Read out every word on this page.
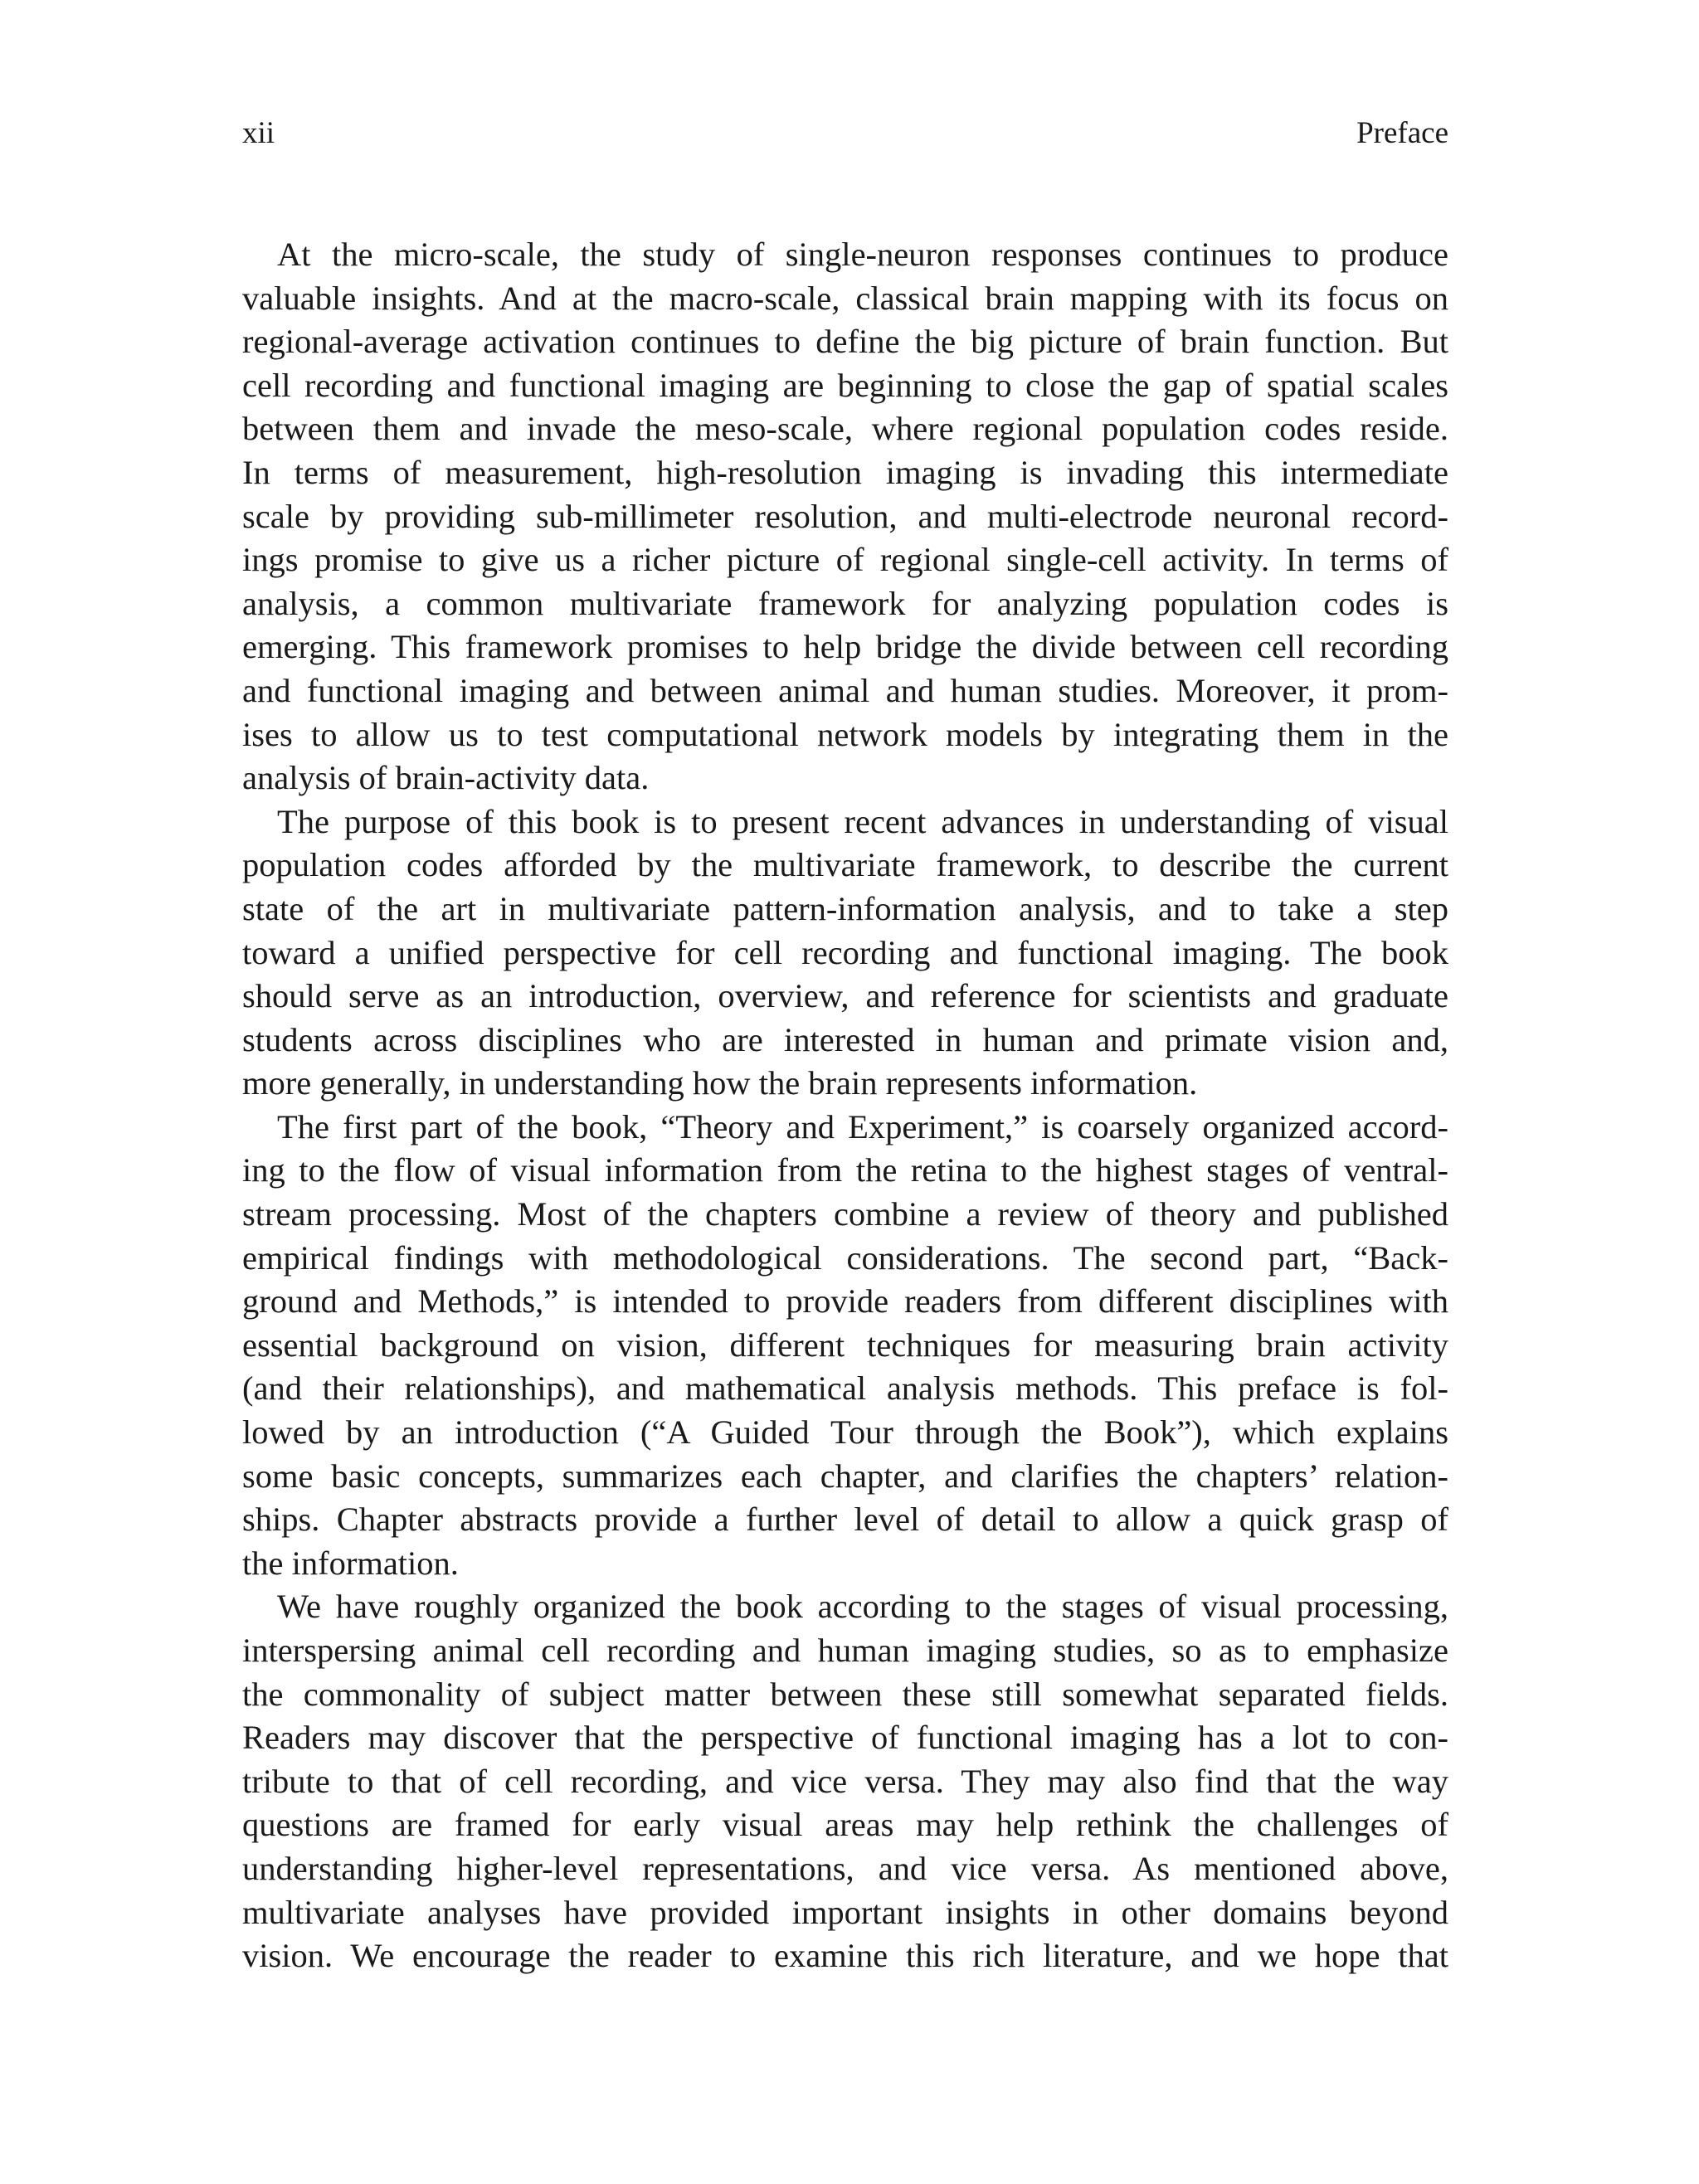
xii	Preface
At the micro-scale, the study of single-neuron responses continues to produce
valuable insights. And at the macro-scale, classical brain mapping with its focus on
regional-average activation continues to define the big picture of brain function. But
cell recording and functional imaging are beginning to close the gap of spatial scales
between them and invade the meso-scale, where regional population codes reside.
In terms of measurement, high-resolution imaging is invading this intermediate
scale by providing sub-millimeter resolution, and multi-electrode neuronal record-
ings promise to give us a richer picture of regional single-cell activity. In terms of
analysis, a common multivariate framework for analyzing population codes is
emerging. This framework promises to help bridge the divide between cell recording
and functional imaging and between animal and human studies. Moreover, it prom-
ises to allow us to test computational network models by integrating them in the
analysis of brain-activity data.
The purpose of this book is to present recent advances in understanding of visual
population codes afforded by the multivariate framework, to describe the current
state of the art in multivariate pattern-information analysis, and to take a step
toward a unified perspective for cell recording and functional imaging. The book
should serve as an introduction, overview, and reference for scientists and graduate
students across disciplines who are interested in human and primate vision and,
more generally, in understanding how the brain represents information.
The first part of the book, “Theory and Experiment,” is coarsely organized accord-
ing to the flow of visual information from the retina to the highest stages of ventral-
stream processing. Most of the chapters combine a review of theory and published
empirical findings with methodological considerations. The second part, “Back-
ground and Methods,” is intended to provide readers from different disciplines with
essential background on vision, different techniques for measuring brain activity
(and their relationships), and mathematical analysis methods. This preface is fol-
lowed by an introduction (“A Guided Tour through the Book”), which explains
some basic concepts, summarizes each chapter, and clarifies the chapters’ relation-
ships. Chapter abstracts provide a further level of detail to allow a quick grasp of
the information.
We have roughly organized the book according to the stages of visual processing,
interspersing animal cell recording and human imaging studies, so as to emphasize
the commonality of subject matter between these still somewhat separated fields.
Readers may discover that the perspective of functional imaging has a lot to con-
tribute to that of cell recording, and vice versa. They may also find that the way
questions are framed for early visual areas may help rethink the challenges of
understanding higher-level representations, and vice versa. As mentioned above,
multivariate analyses have provided important insights in other domains beyond
vision. We encourage the reader to examine this rich literature, and we hope that
